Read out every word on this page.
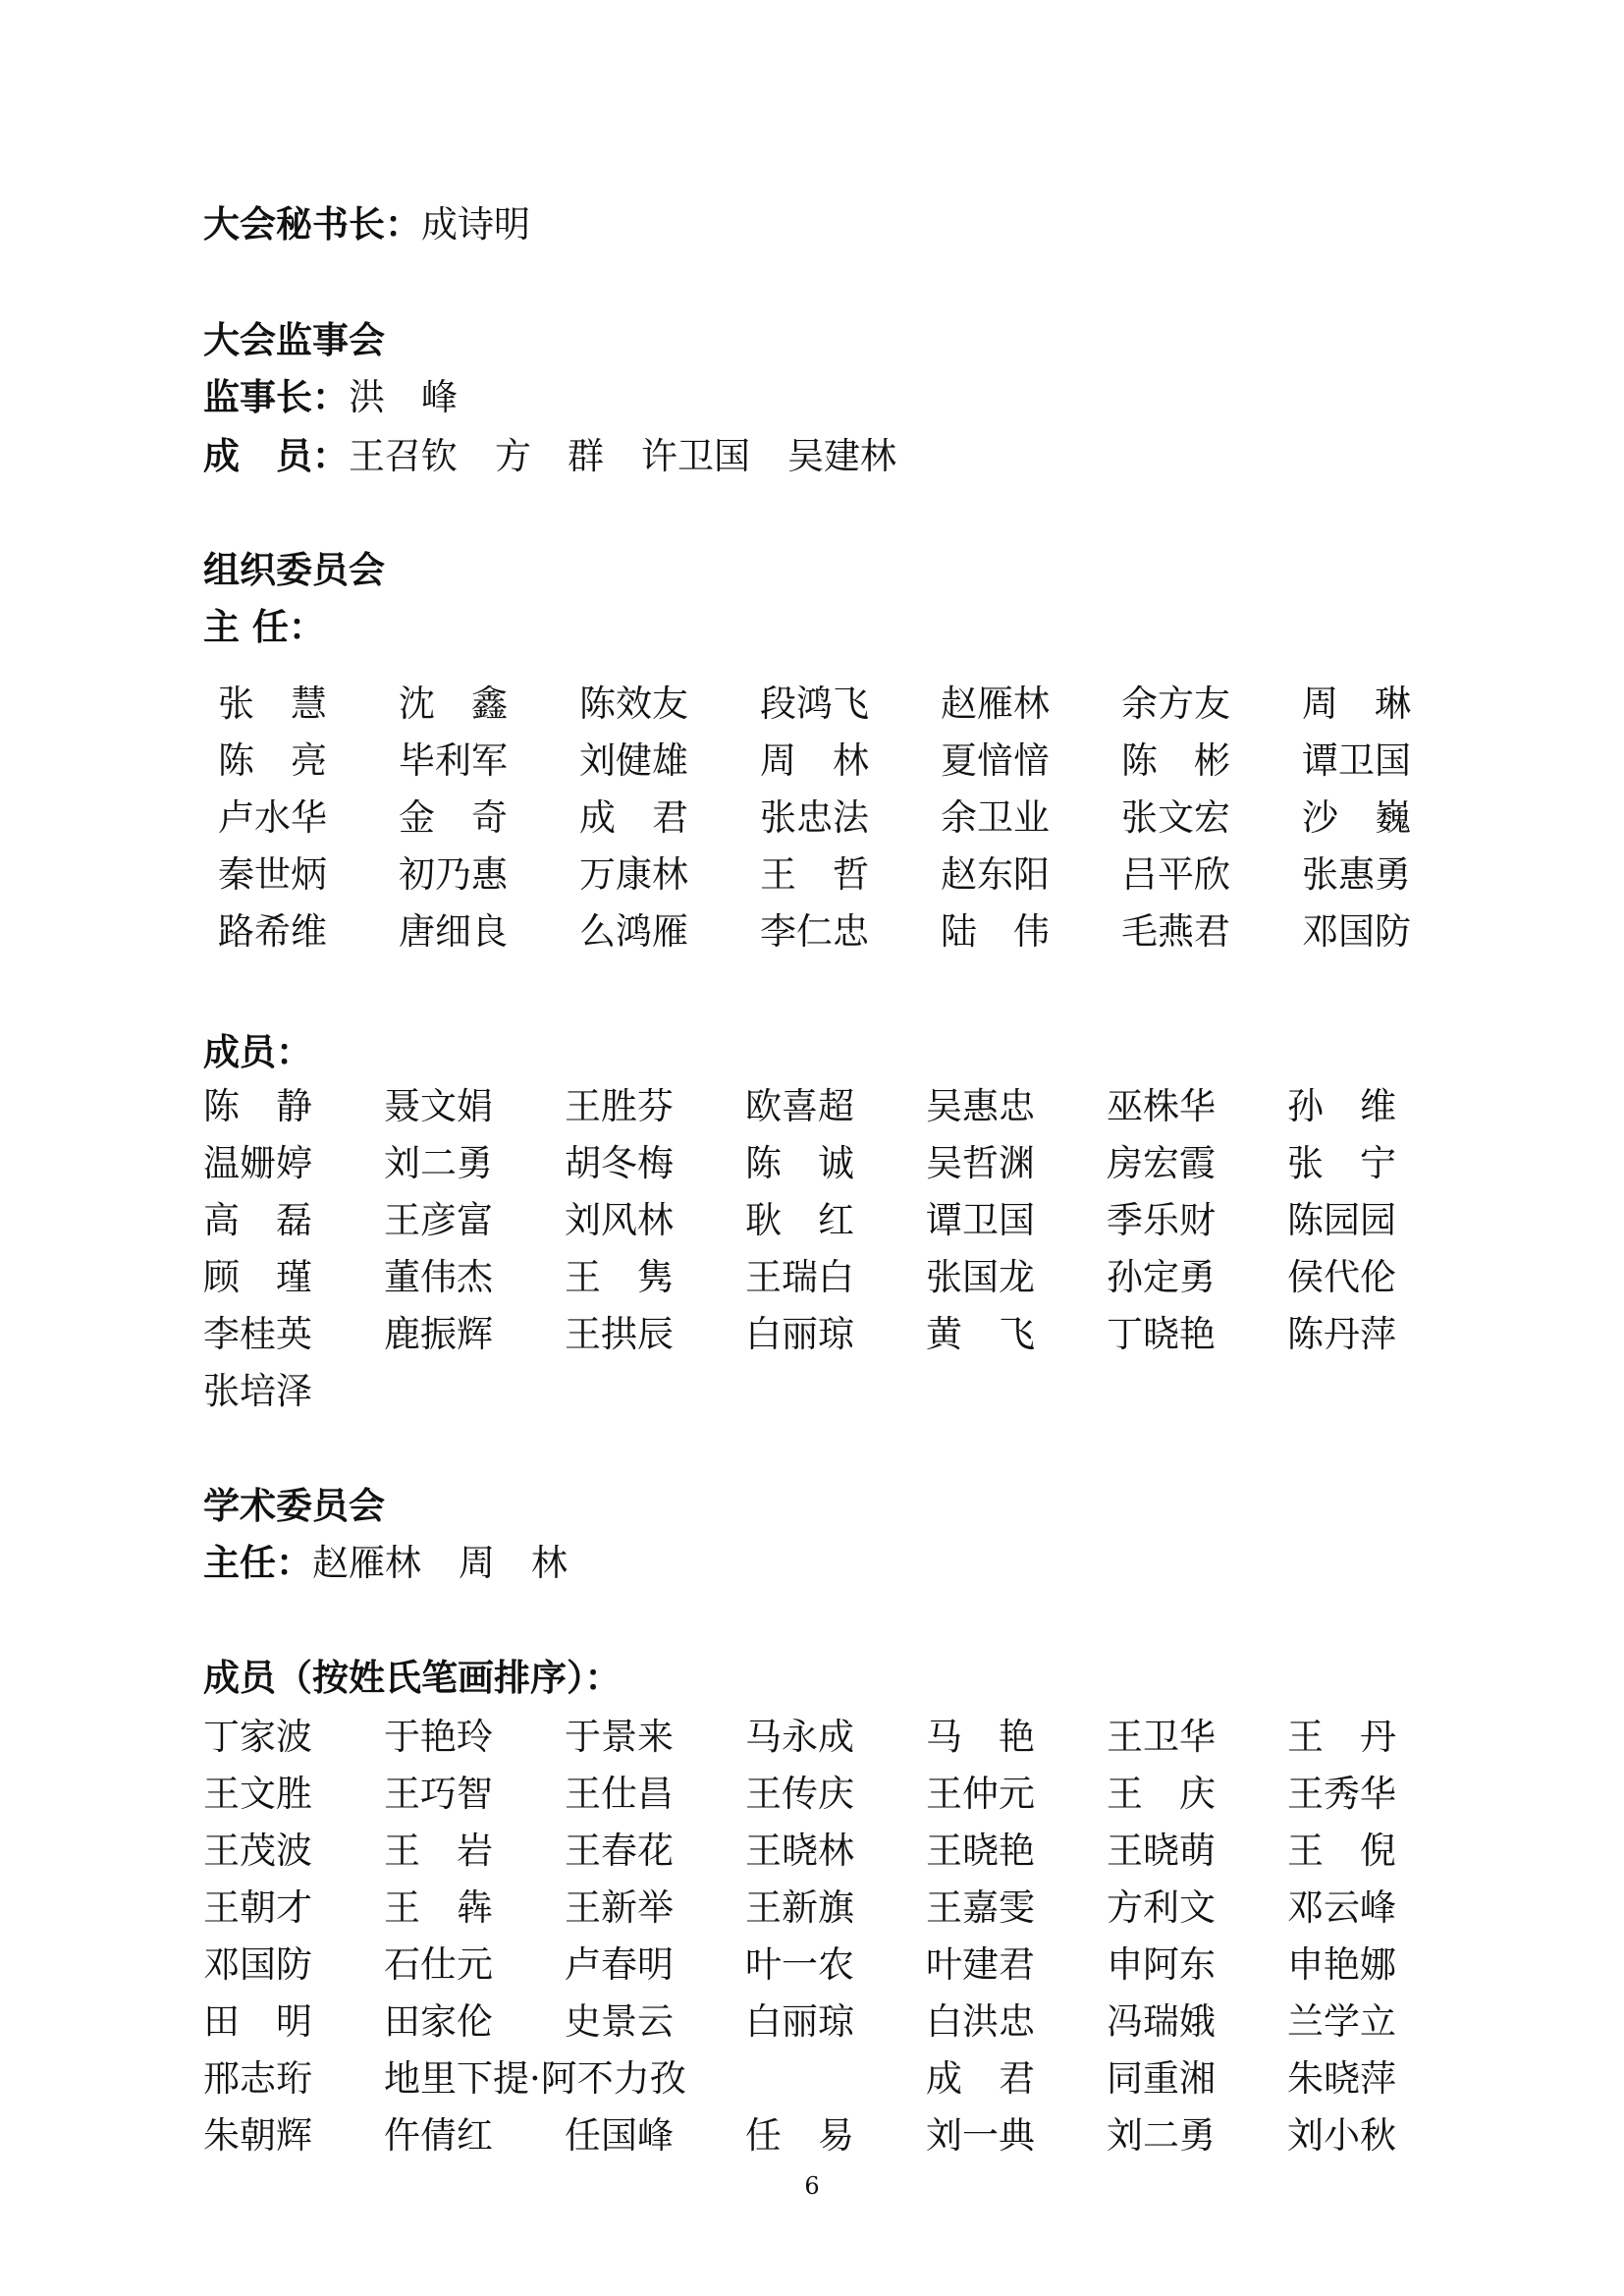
大会秘书长：成诗明
大会监事会
监事长：洪　峰
成　员：王召钦 方　群 许卫国 吴建林
组织委员会
主 任：
张　慧 沈　鑫 陈效友 段鸿飞 赵雁林 余方友 周　琳
陈　亮 毕利军 刘健雄 周　林 夏愔愔 陈　彬 谭卫国
卢水华 金　奇 成　君 张忠法 余卫业 张文宏 沙　巍
秦世炳 初乃惠 万康林 王　哲 赵东阳 吕平欣 张惠勇
路希维 唐细良 么鸿雁 李仁忠 陆　伟 毛燕君 邓国防
成员：
陈　静 聂文娟 王胜芬 欧喜超 吴惠忠 巫株华 孙　维
温姗婷 刘二勇 胡冬梅 陈　诚 吴哲渊 房宏霞 张　宁
高　磊 王彦富 刘风林 耿　红 谭卫国 季乐财 陈园园
顾　瑾 董伟杰 王　隽 王瑞白 张国龙 孙定勇 侯代伦
李桂英 鹿振辉 王拱辰 白丽琼 黄　飞 丁晓艳 陈丹萍
张培泽
学术委员会
主任：赵雁林 周　林
成员（按姓氏笔画排序）：
丁家波 于艳玲 于景来 马永成 马　艳 王卫华 王　丹
王文胜 王巧智 王仕昌 王传庆 王仲元 王　庆 王秀华
王茂波 王　岩 王春花 王晓林 王晓艳 王晓萌 王　倪
王朝才 王　犇 王新举 王新旗 王嘉雯 方利文 邓云峰
邓国防 石仕元 卢春明 叶一农 叶建君 申阿东 申艳娜
田　明 田家伦 史景云 白丽琼 白洪忠 冯瑞娥 兰学立
邢志珩 地里下提·阿不力孜	成　君 同重湘 朱晓萍
朱朝辉 仵倩红 任国峰 任　易 刘一典 刘二勇 刘小秋
6
